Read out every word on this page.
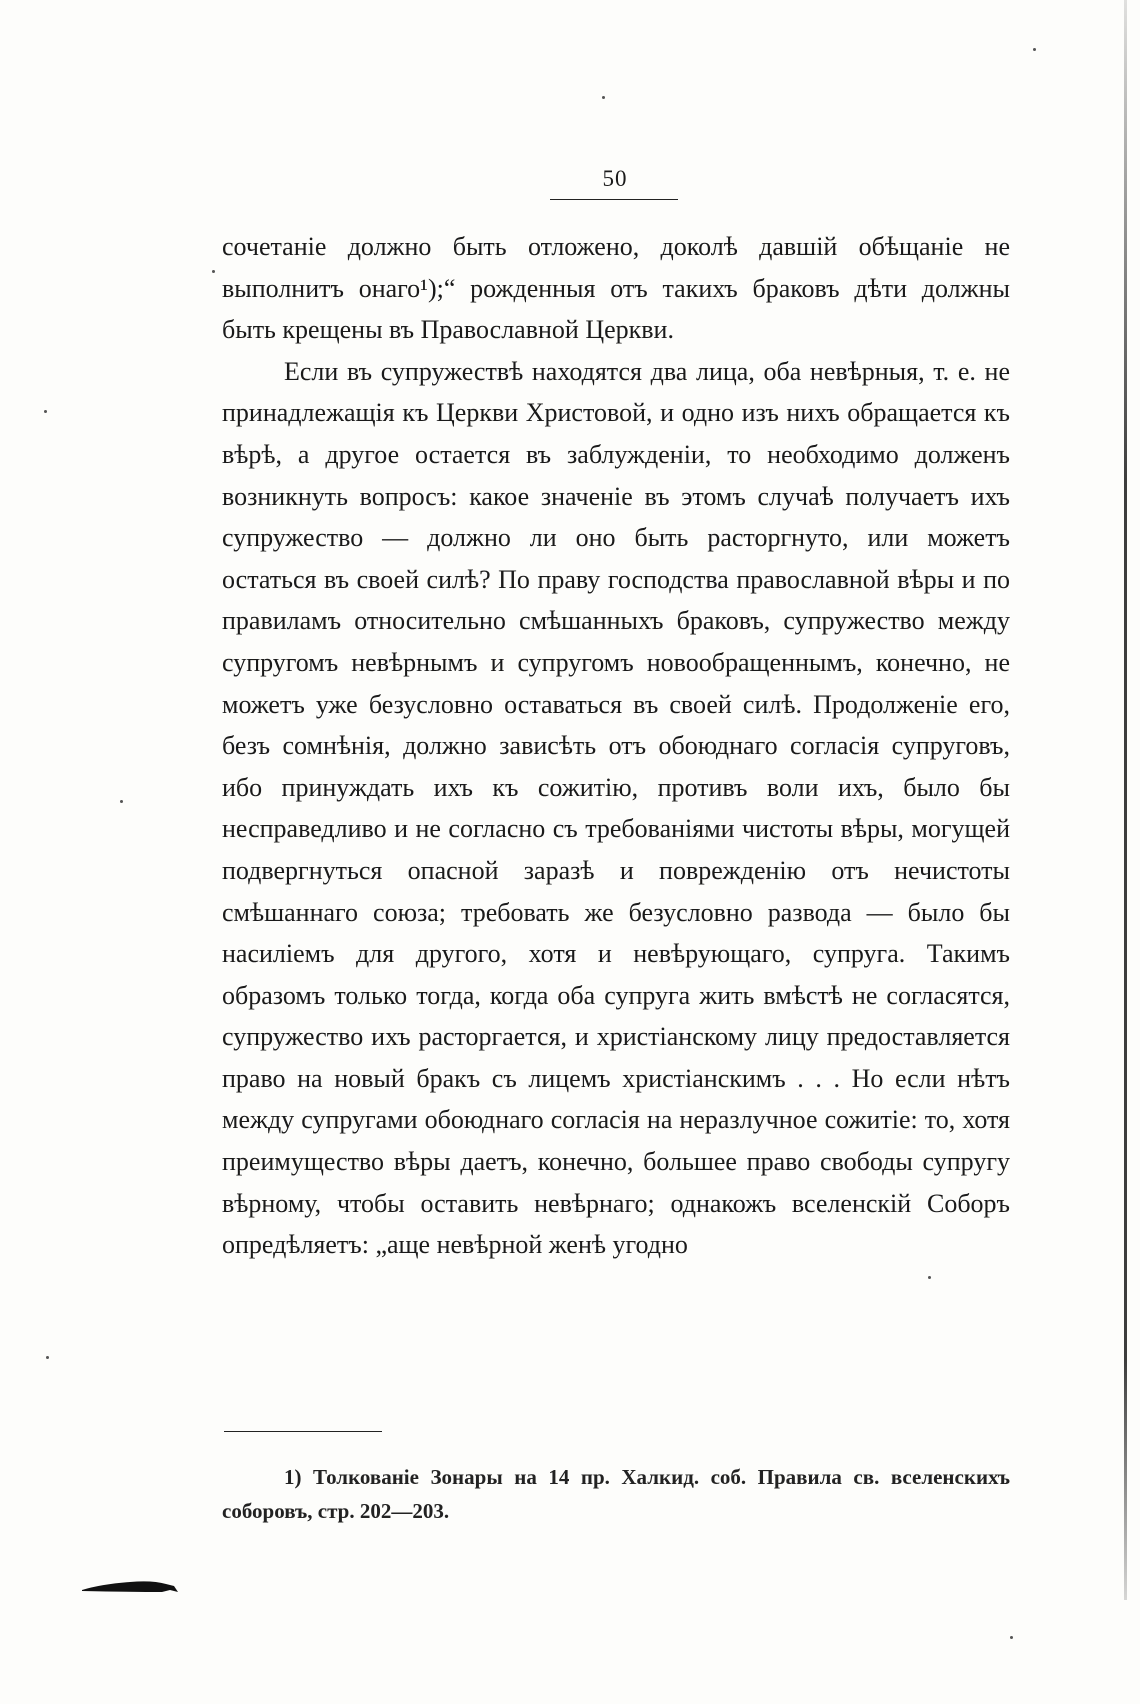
50

сочетаніе должно быть отложено, доколѣ давшій обѣщаніе не выполнитъ онаго¹);“ рожденныя отъ такихъ браковъ дѣти должны быть крещены въ Православной Церкви.

Если въ супружествѣ находятся два лица, оба невѣрныя, т. е. не принадлежащія къ Церкви Христовой, и одно изъ нихъ обращается къ вѣрѣ, а другое остается въ заблужденіи, то необходимо долженъ возникнуть вопросъ: какое значеніе въ этомъ случаѣ получаетъ ихъ супружество — должно ли оно быть расторгнуто, или можетъ остаться въ своей силѣ? По праву господства православной вѣры и по правиламъ относительно смѣшанныхъ браковъ, супружество между супругомъ невѣрнымъ и супругомъ новообращеннымъ, конечно, не можетъ уже безусловно оставаться въ своей силѣ. Продолженіе его, безъ сомнѣнія, должно зависѣть отъ обоюднаго согласія супруговъ, ибо принуждать ихъ къ сожитію, противъ воли ихъ, было бы несправедливо и не согласно съ требованіями чистоты вѣры, могущей подвергнуться опасной заразѣ и поврежденію отъ нечистоты смѣшаннаго союза; требовать же безусловно развода — было бы насиліемъ для другого, хотя и невѣрующаго, супруга. Такимъ образомъ только тогда, когда оба супруга жить вмѣстѣ не согласятся, супружество ихъ расторгается, и христіанскому лицу предоставляется право на новый бракъ съ лицемъ христіанскимъ . . . Но если нѣтъ между супругами обоюднаго согласія на неразлучное сожитіе: то, хотя преимущество вѣры даетъ, конечно, большее право свободы супругу вѣрному, чтобы оставить невѣрнаго; однакожъ вселенскій Соборъ опредѣляетъ: „аще невѣрной женѣ угодно

1) Толкованіе Зонары на 14 пр. Халкид. соб. Правила св. вселенскихъ соборовъ, стр. 202—203.
